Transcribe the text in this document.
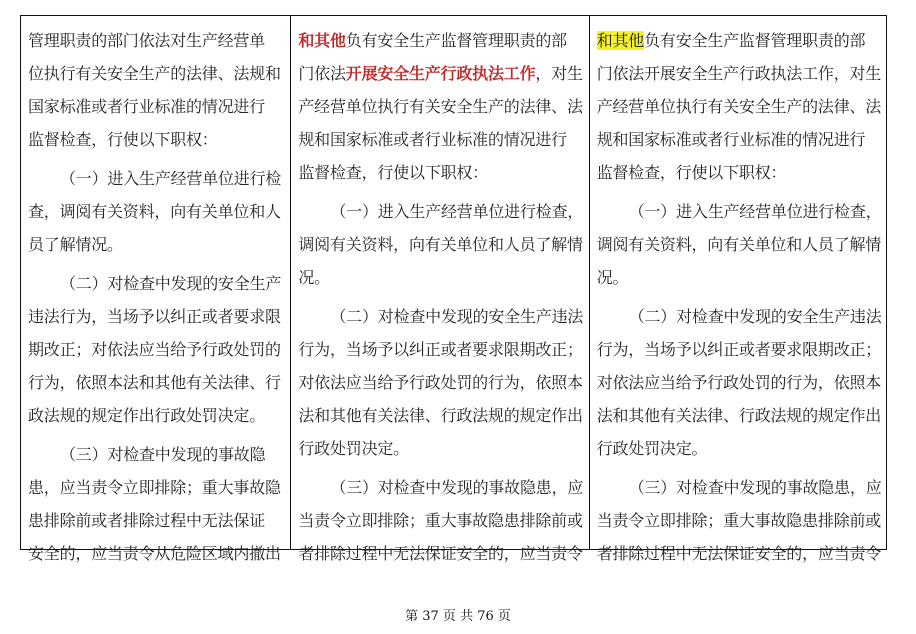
管理职责的部门依法对生产经营单
位执行有关安全生产的法律、法规和
国家标准或者行业标准的情况进行
监督检查，行使以下职权：
（一）进入生产经营单位进行检
查，调阅有关资料，向有关单位和人
员了解情况。
（二）对检查中发现的安全生产
违法行为，当场予以纠正或者要求限
期改正；对依法应当给予行政处罚的
行为，依照本法和其他有关法律、行
政法规的规定作出行政处罚决定。
（三）对检查中发现的事故隐
患，应当责令立即排除；重大事故隐
患排除前或者排除过程中无法保证
安全的，应当责令从危险区域内撤出
和其他负有安全生产监督管理职责的部
门依法开展安全生产行政执法工作，对生
产经营单位执行有关安全生产的法律、法
规和国家标准或者行业标准的情况进行
监督检查，行使以下职权：
（一）进入生产经营单位进行检查，
调阅有关资料，向有关单位和人员了解情
况。
（二）对检查中发现的安全生产违法
行为，当场予以纠正或者要求限期改正；
对依法应当给予行政处罚的行为，依照本
法和其他有关法律、行政法规的规定作出
行政处罚决定。
（三）对检查中发现的事故隐患，应
当责令立即排除；重大事故隐患排除前或
者排除过程中无法保证安全的，应当责令
和其他负有安全生产监督管理职责的部
门依法开展安全生产行政执法工作，对生
产经营单位执行有关安全生产的法律、法
规和国家标准或者行业标准的情况进行
监督检查，行使以下职权：
（一）进入生产经营单位进行检查，
调阅有关资料，向有关单位和人员了解情
况。
（二）对检查中发现的安全生产违法
行为，当场予以纠正或者要求限期改正；
对依法应当给予行政处罚的行为，依照本
法和其他有关法律、行政法规的规定作出
行政处罚决定。
（三）对检查中发现的事故隐患，应
当责令立即排除；重大事故隐患排除前或
者排除过程中无法保证安全的，应当责令
第 37 页 共 76 页
